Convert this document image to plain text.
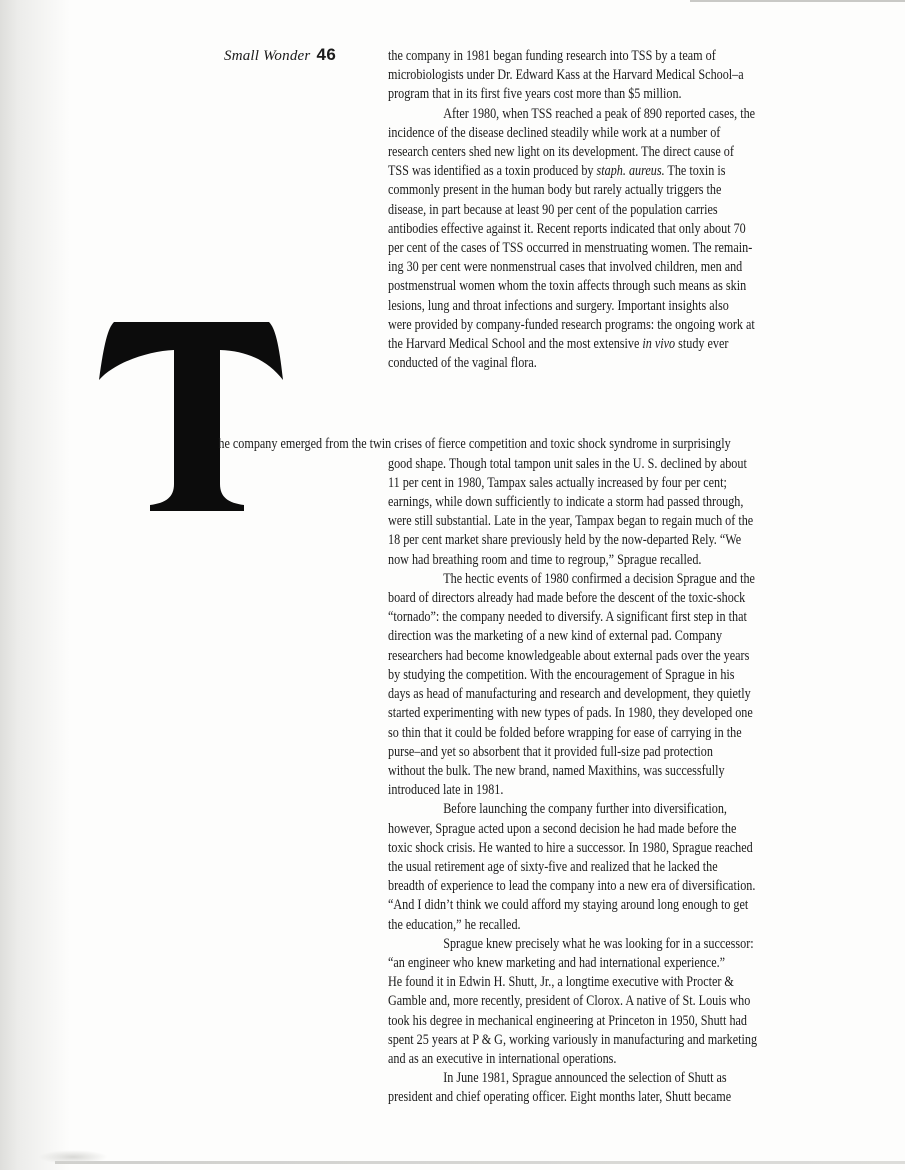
Small Wonder 46	the company in 1981 began funding research into TSS by a team of
microbiologists under Dr. Edward Kass at the Harvard Medical School–a
program that in its first five years cost more than $5 million.
After 1980, when TSS reached a peak of 890 reported cases, the
incidence of the disease declined steadily while work at a number of
research centers shed new light on its development. The direct cause of
TSS was identified as a toxin produced by staph. aureus. The toxin is
commonly present in the human body but rarely actually triggers the
disease, in part because at least 90 per cent of the population carries
antibodies effective against it. Recent reports indicated that only about 70
per cent of the cases of TSS occurred in menstruating women. The remain-
ing 30 per cent were nonmenstrual cases that involved children, men and
postmenstrual women whom the toxin affects through such means as skin
lesions, lung and throat infections and surgery. Important insights also
were provided by company-funded research programs: the ongoing work at
the Harvard Medical School and the most extensive in vivo study ever
conducted of the vaginal flora.
he company emerged from the twin crises of fierce competition and toxic shock syndrome in surprisingly
good shape. Though total tampon unit sales in the U. S. declined by about
11 per cent in 1980, Tampax sales actually increased by four per cent;
earnings, while down sufficiently to indicate a storm had passed through,
were still substantial. Late in the year, Tampax began to regain much of the
18 per cent market share previously held by the now-departed Rely. “We
now had breathing room and time to regroup,” Sprague recalled.
The hectic events of 1980 confirmed a decision Sprague and the
board of directors already had made before the descent of the toxic-shock
“tornado”: the company needed to diversify. A significant first step in that
direction was the marketing of a new kind of external pad. Company
researchers had become knowledgeable about external pads over the years
by studying the competition. With the encouragement of Sprague in his
days as head of manufacturing and research and development, they quietly
started experimenting with new types of pads. In 1980, they developed one
so thin that it could be folded before wrapping for ease of carrying in the
purse–and yet so absorbent that it provided full-size pad protection
without the bulk. The new brand, named Maxithins, was successfully
introduced late in 1981.
Before launching the company further into diversification,
however, Sprague acted upon a second decision he had made before the
toxic shock crisis. He wanted to hire a successor. In 1980, Sprague reached
the usual retirement age of sixty-five and realized that he lacked the
breadth of experience to lead the company into a new era of diversification.
“And I didn’t think we could afford my staying around long enough to get
the education,” he recalled.
Sprague knew precisely what he was looking for in a successor:
“an engineer who knew marketing and had international experience.”
He found it in Edwin H. Shutt, Jr., a longtime executive with Procter &
Gamble and, more recently, president of Clorox. A native of St. Louis who
took his degree in mechanical engineering at Princeton in 1950, Shutt had
spent 25 years at P & G, working variously in manufacturing and marketing
and as an executive in international operations.
In June 1981, Sprague announced the selection of Shutt as
president and chief operating officer. Eight months later, Shutt became
